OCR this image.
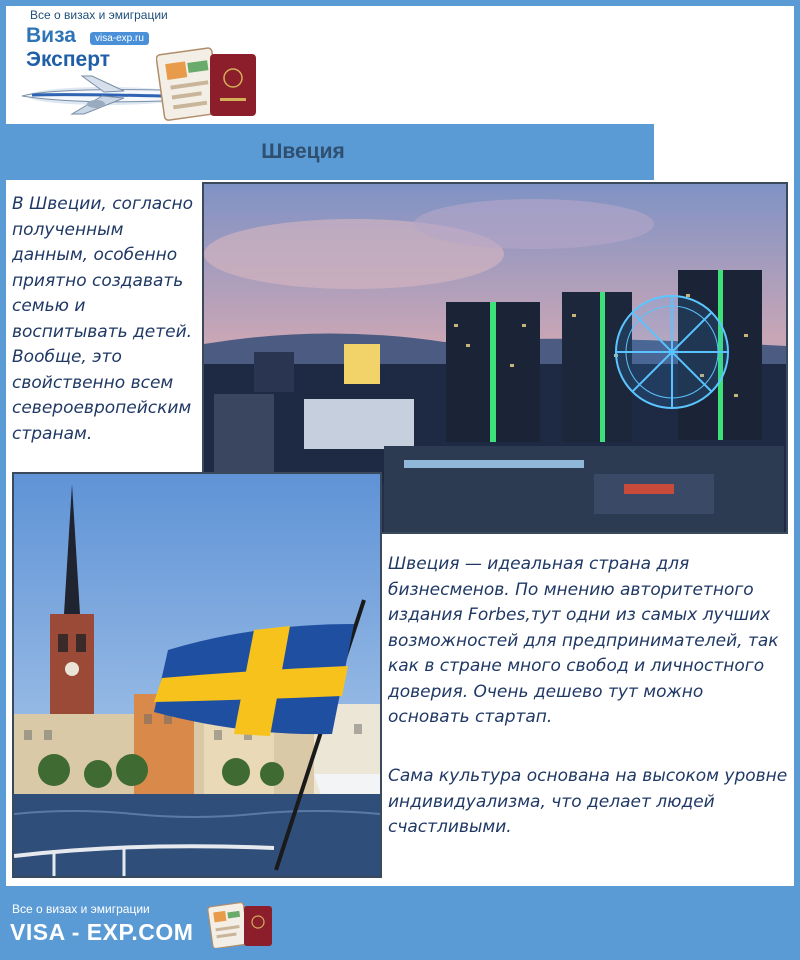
Все о визах и эмиграции
Виза
Эксперт
visa-exp.ru
Швеция

В Швеции, согласно полученным данным, особенно приятно создавать семью и воспитывать детей. Вообще, это свойственно всем североевропейским странам.

Швеция — идеальная страна для бизнесменов. По мнению авторитетного издания Forbes,тут одни из самых лучших возможностей для предпринимателей, так как в стране много свобод и личностного доверия. Очень дешево тут можно основать стартап.

Сама культура основана на высоком уровне индивидуализма, что делает людей счастливыми.

Все о визах и эмиграции
VISA - EXP.COM
